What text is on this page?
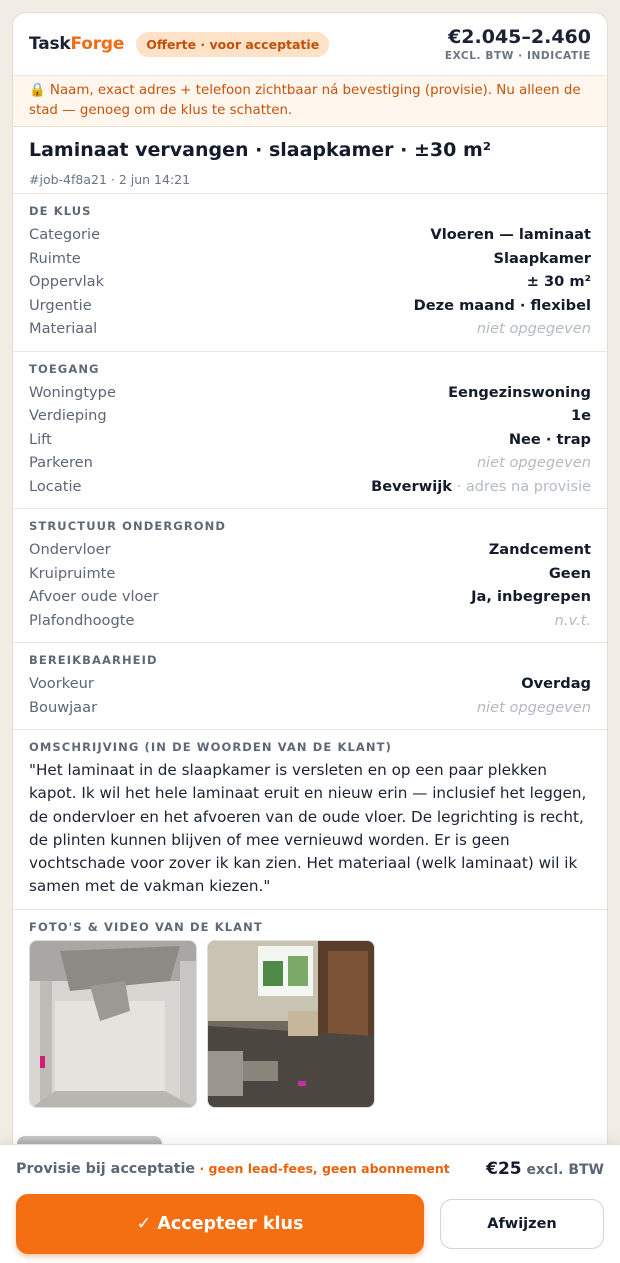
TaskForge	Offerte · voor acceptatie	€2.045–2.460
EXCL. BTW · INDICATIE
🔒 Naam, exact adres + telefoon zichtbaar ná bevestiging (provisie). Nu alleen de stad — genoeg om de klus te schatten.
Laminaat vervangen · slaapkamer · ±30 m²
#job-4f8a21 · 2 jun 14:21
DE KLUS
Categorie	Vloeren — laminaat
Ruimte	Slaapkamer
Oppervlak	± 30 m²
Urgentie	Deze maand · flexibel
Materiaal	niet opgegeven
TOEGANG
Woningtype	Eengezinswoning
Verdieping	1e
Lift	Nee · trap
Parkeren	niet opgegeven
Locatie	Beverwijk · adres na provisie
STRUCTUUR ONDERGROND
Ondervloer	Zandcement
Kruipruimte	Geen
Afvoer oude vloer	Ja, inbegrepen
Plafondhoogte	n.v.t.
BEREIKBAARHEID
Voorkeur	Overdag
Bouwjaar	niet opgegeven
OMSCHRIJVING (IN DE WOORDEN VAN DE KLANT)
"Het laminaat in de slaapkamer is versleten en op een paar plekken kapot. Ik wil het hele laminaat eruit en nieuw erin — inclusief het leggen, de ondervloer en het afvoeren van de oude vloer. De legrichting is recht, de plinten kunnen blijven of mee vernieuwd worden. Er is geen vochtschade voor zover ik kan zien. Het materiaal (welk laminaat) wil ik samen met de vakman kiezen."
FOTO'S & VIDEO VAN DE KLANT
Provisie bij acceptatie · geen lead-fees, geen abonnement €25 excl. BTW
✓ Accepteer klus	Afwijzen
